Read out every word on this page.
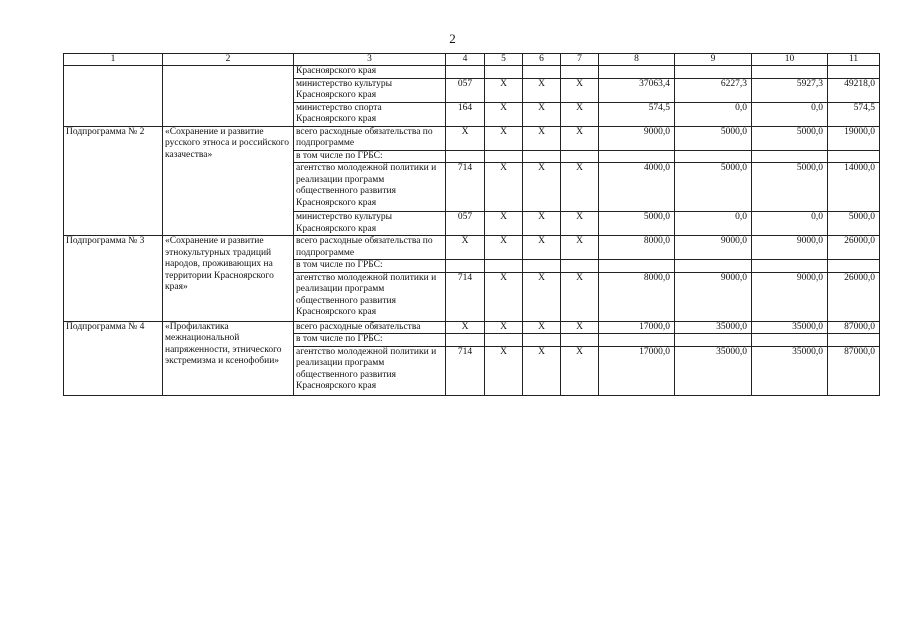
2
1	2	3	4	5	6	7	8	9	10	11
		Красноярского края								
		министерство культуры Красноярского края	057	Х	Х	Х	37063,4	6227,3	5927,3	49218,0
		министерство спорта Красноярского края	164	Х	Х	Х	574,5	0,0	0,0	574,5
Подпрограмма № 2	«Сохранение и развитие русского этноса и российского казачества»	всего расходные обязательства по подпрограмме	Х	Х	Х	Х	9000,0	5000,0	5000,0	19000,0
		в том числе по ГРБС:								
		агентство молодежной политики и реализации программ общественного развития Красноярского края	714	Х	Х	Х	4000,0	5000,0	5000,0	14000,0
		министерство культуры Красноярского края	057	Х	Х	Х	5000,0	0,0	0,0	5000,0
Подпрограмма № 3	«Сохранение и развитие этнокультурных традиций народов, проживающих на территории Красноярского края»	всего расходные обязательства по подпрограмме	Х	Х	Х	Х	8000,0	9000,0	9000,0	26000,0
		в том числе по ГРБС:								
		агентство молодежной политики и реализации программ общественного развития Красноярского края	714	Х	Х	Х	8000,0	9000,0	9000,0	26000,0
Подпрограмма № 4	«Профилактика межнациональной напряженности, этнического экстремизма и ксенофобии»	всего расходные обязательства	Х	Х	Х	Х	17000,0	35000,0	35000,0	87000,0
		в том числе по ГРБС:								
		агентство молодежной политики и реализации программ общественного развития Красноярского края	714	Х	Х	Х	17000,0	35000,0	35000,0	87000,0
